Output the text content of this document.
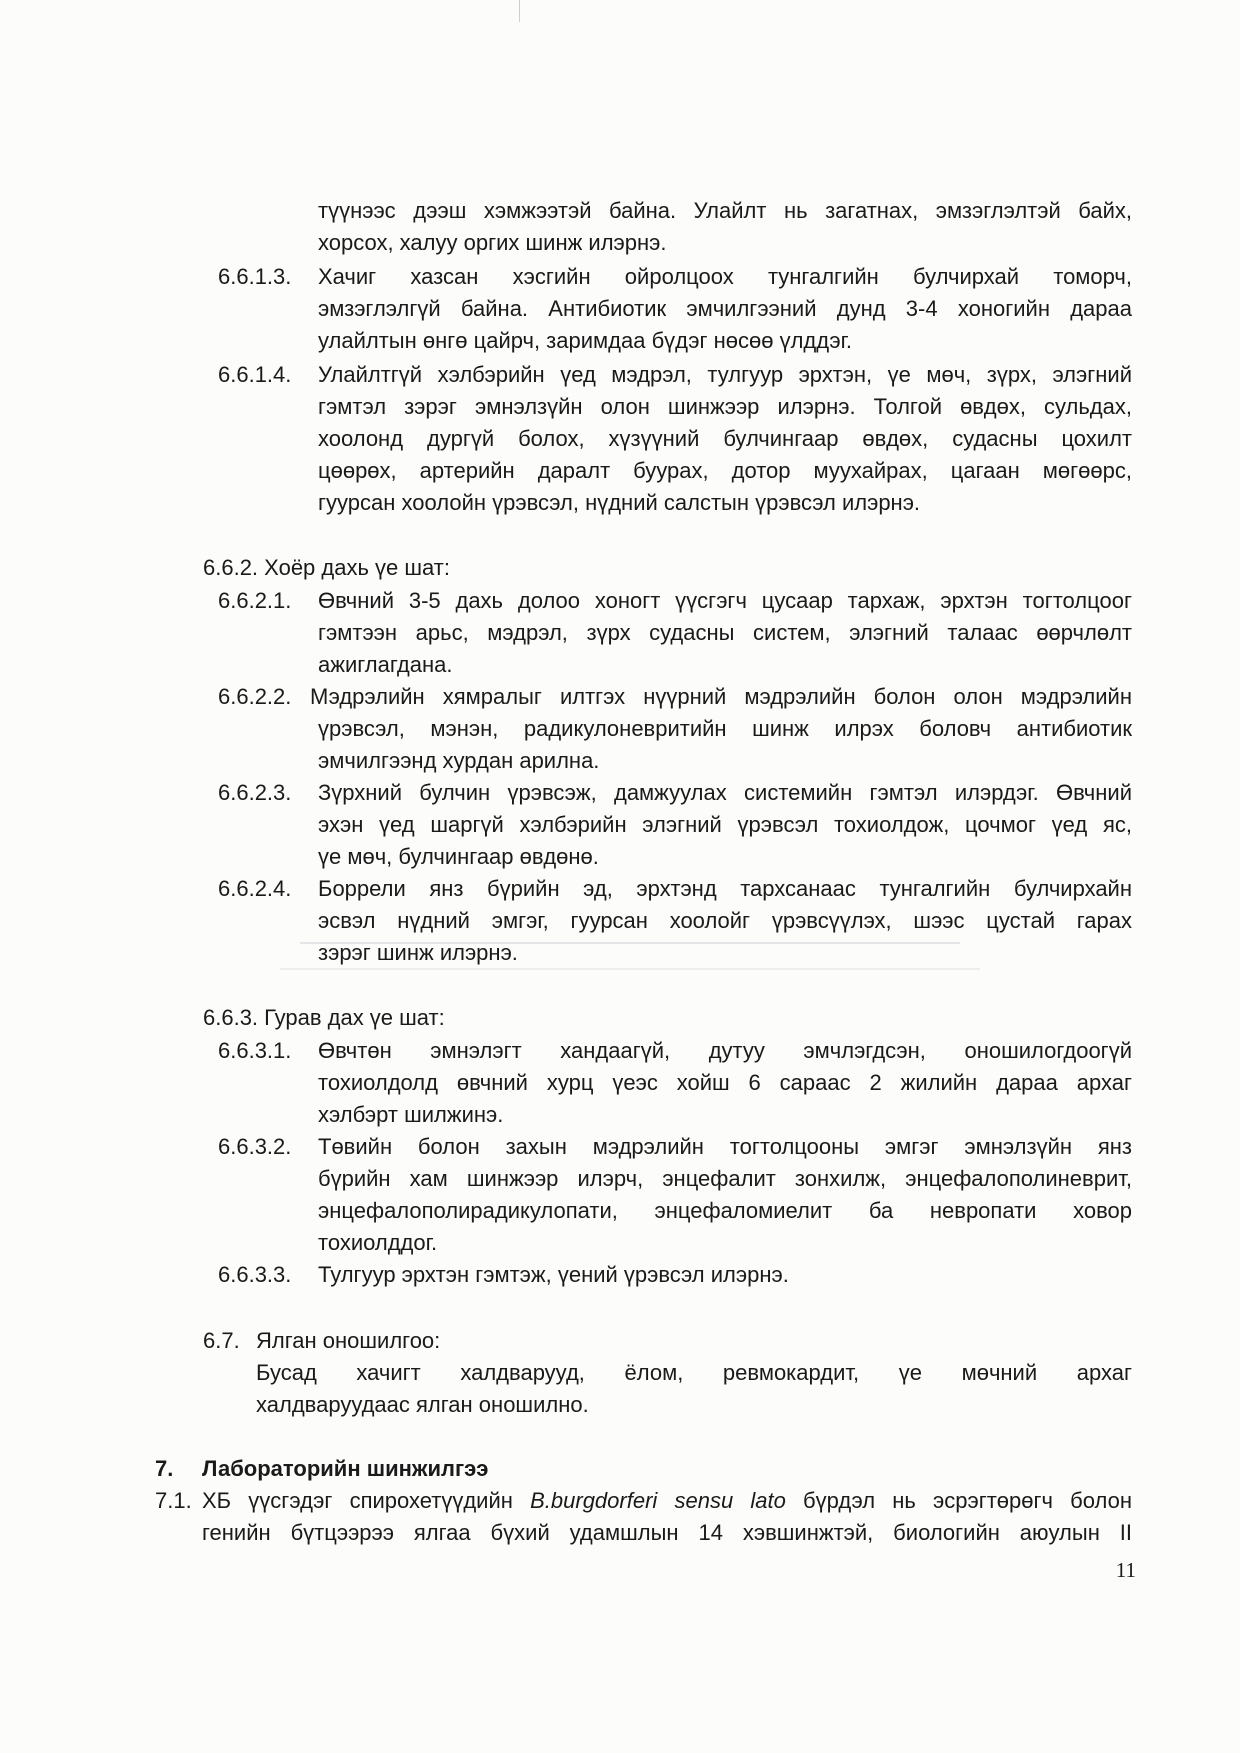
түүнээс дээш хэмжээтэй байна. Улайлт нь загатнах, эмзэглэлтэй байх,
хорсох, халуу оргих шинж илэрнэ.
6.6.1.3. Хачиг хазсан хэсгийн ойролцоох тунгалгийн булчирхай томорч,
эмзэглэлгүй байна. Антибиотик эмчилгээний дунд 3-4 хоногийн дараа
улайлтын өнгө цайрч, заримдаа бүдэг нөсөө үлддэг.
6.6.1.4. Улайлтгүй хэлбэрийн үед мэдрэл, тулгуур эрхтэн, үе мөч, зүрх, элэгний
гэмтэл зэрэг эмнэлзүйн олон шинжээр илэрнэ. Толгой өвдөх, сульдах,
хоолонд дургүй болох, хүзүүний булчингаар өвдөх, судасны цохилт
цөөрөх, артерийн даралт буурах, дотор муухайрах, цагаан мөгөөрс,
гуурсан хоолойн үрэвсэл, нүдний салстын үрэвсэл илэрнэ.
6.6.2. Хоёр дахь үе шат:
6.6.2.1. Өвчний 3-5 дахь долоо хоногт үүсгэгч цусаар тархаж, эрхтэн тогтолцоог
гэмтээн арьс, мэдрэл, зүрх судасны систем, элэгний талаас өөрчлөлт
ажиглагдана.
6.6.2.2. Мэдрэлийн хямралыг илтгэх нүүрний мэдрэлийн болон олон мэдрэлийн
үрэвсэл, мэнэн, радикулоневритийн шинж илрэх боловч антибиотик
эмчилгээнд хурдан арилна.
6.6.2.3. Зүрхний булчин үрэвсэж, дамжуулах системийн гэмтэл илэрдэг. Өвчний
эхэн үед шаргүй хэлбэрийн элэгний үрэвсэл тохиолдож, цочмог үед яс,
үе мөч, булчингаар өвдөнө.
6.6.2.4. Боррели янз бүрийн эд, эрхтэнд тархсанаас тунгалгийн булчирхайн
эсвэл нүдний эмгэг, гуурсан хоолойг үрэвсүүлэх, шээс цустай гарах
зэрэг шинж илэрнэ.
6.6.3. Гурав дах үе шат:
6.6.3.1. Өвчтөн эмнэлэгт хандаагүй, дутуу эмчлэгдсэн, оношилогдоогүй
тохиолдолд өвчний хурц үеэс хойш 6 сараас 2 жилийн дараа архаг
хэлбэрт шилжинэ.
6.6.3.2. Төвийн болон захын мэдрэлийн тогтолцооны эмгэг эмнэлзүйн янз
бүрийн хам шинжээр илэрч, энцефалит зонхилж, энцефалополиневрит,
энцефалополирадикулопати, энцефаломиелит ба невропати ховор
тохиолддог.
6.6.3.3. Тулгуур эрхтэн гэмтэж, үений үрэвсэл илэрнэ.
6.7. Ялган оношилгоо:
Бусад хачигт халдварууд, ёлом, ревмокардит, үе мөчний архаг
халдваруудаас ялган оношилно.
7. Лабораторийн шинжилгээ
7.1. ХБ үүсгэдэг спирохетүүдийн B.burgdorferi sensu lato бүрдэл нь эсрэгтөрөгч болон
генийн бүтцээрээ ялгаа бүхий удамшлын 14 хэвшинжтэй, биологийн аюулын II
11
